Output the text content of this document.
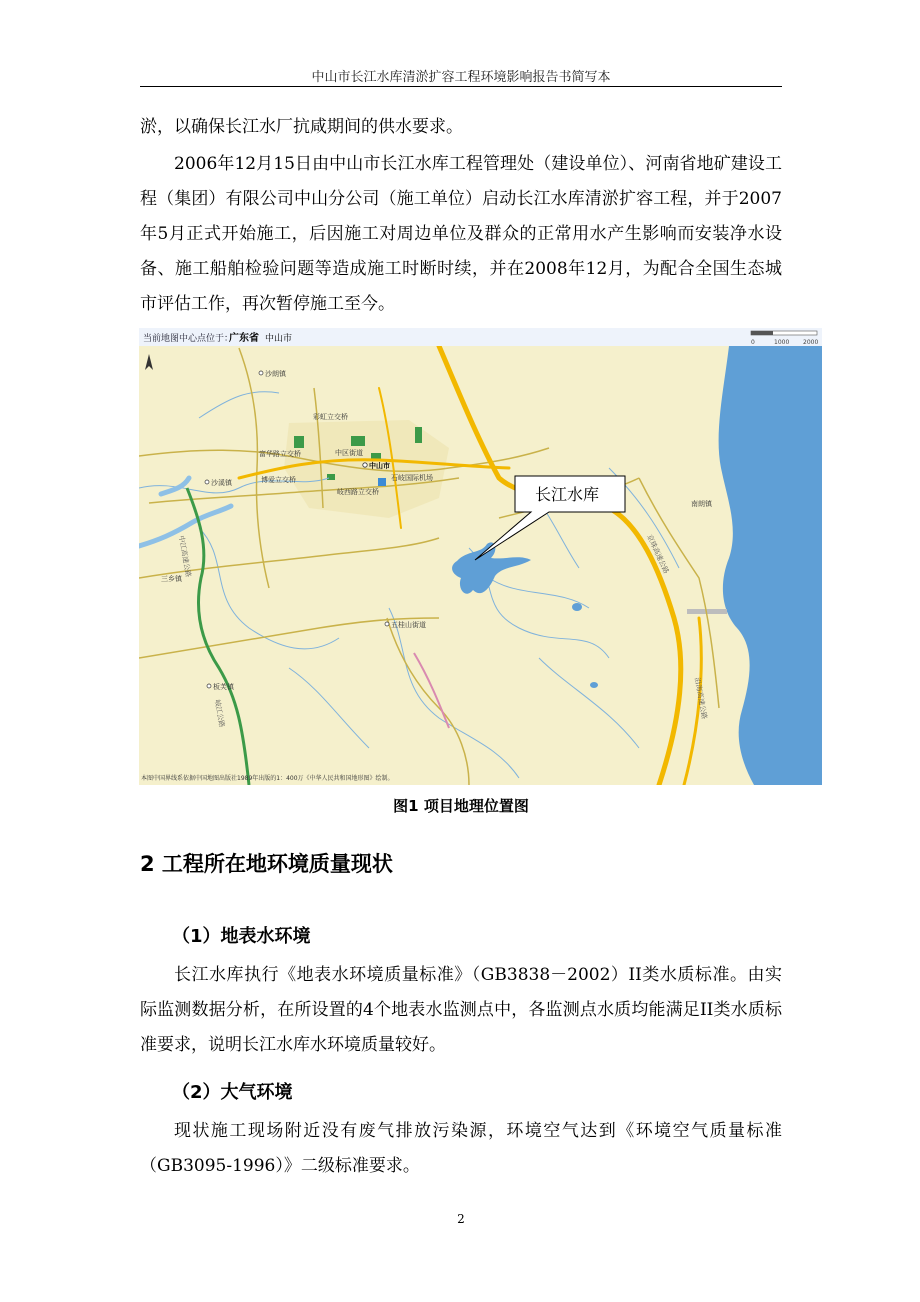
中山市长江水库清淤扩容工程环境影响报告书简写本

淤，以确保长江水厂抗咸期间的供水要求。

2006年12月15日由中山市长江水库工程管理处（建设单位）、河南省地矿建设工程（集团）有限公司中山分公司（施工单位）启动长江水库清淤扩容工程，并于2007年5月正式开始施工，后因施工对周边单位及群众的正常用水产生影响而安装净水设备、施工船舶检验问题等造成施工时断时续，并在2008年12月，为配合全国生态城市评估工作，再次暂停施工至今。

当前地图中心点位于：
广东省 中山市	0	1000 2000
沙朗镇
彩虹立交桥
富华路立交桥	中区街道
中山市
沙溪镇	博爱立交桥	石岐国际机场
岐西路立交桥
南朗镇
五桂山街道
三乡镇
板芙镇
京珠高速公路
沿海高速公路
中江高速公路
岐江公路
长江水库
本图中国界线系依据中国地图出版社1989年出版的1：400万《中华人民共和国地形图》绘制。
图1 项目地理位置图
2 工程所在地环境质量现状
（1）地表水环境

长江水库执行《地表水环境质量标准》（GB3838－2002）II类水质标准。由实际监测数据分析，在所设置的4个地表水监测点中，各监测点水质均能满足II类水质标准要求，说明长江水库水环境质量较好。

（2）大气环境

现状施工现场附近没有废气排放污染源，环境空气达到《环境空气质量标准（GB3095-1996）》二级标准要求。

2
